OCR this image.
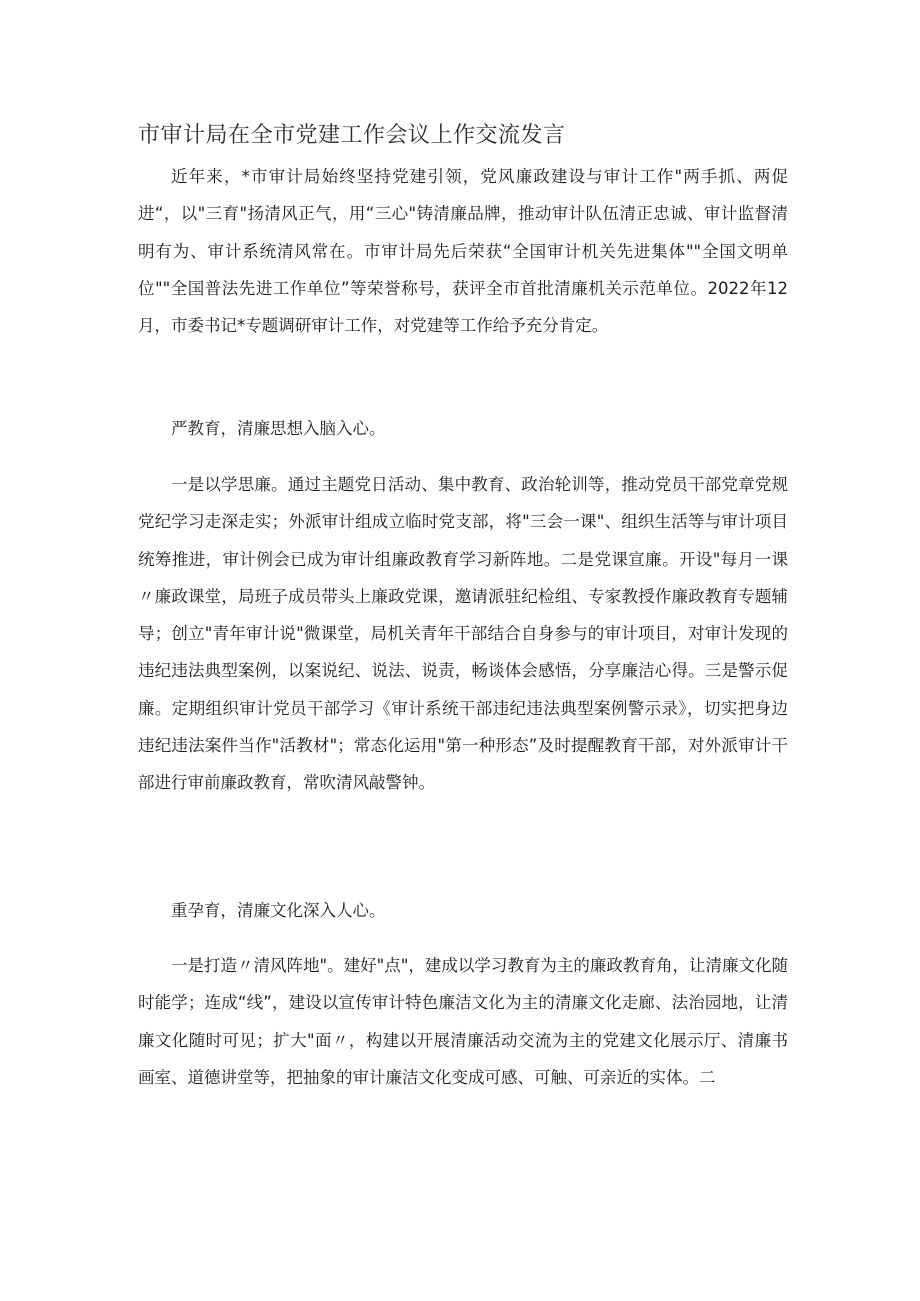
市审计局在全市党建工作会议上作交流发言

近年来，*市审计局始终坚持党建引领，党风廉政建设与审计工作"两手抓、两促进“，以"三育"扬清风正气，用“三心"铸清廉品牌，推动审计队伍清正忠诚、审计监督清明有为、审计系统清风常在。市审计局先后荣获“全国审计机关先进集体""全国文明单位""全国普法先进工作单位”等荣誉称号，获评全市首批清廉机关示范单位。2022年12月，市委书记*专题调研审计工作，对党建等工作给予充分肯定。

严教育，清廉思想入脑入心。

一是以学思廉。通过主题党日活动、集中教育、政治轮训等，推动党员干部党章党规党纪学习走深走实；外派审计组成立临时党支部，将"三会一课"、组织生活等与审计项目统筹推进，审计例会已成为审计组廉政教育学习新阵地。二是党课宣廉。开设"每月一课〃廉政课堂，局班子成员带头上廉政党课，邀请派驻纪检组、专家教授作廉政教育专题辅导；创立"青年审计说"微课堂，局机关青年干部结合自身参与的审计项目，对审计发现的违纪违法典型案例，以案说纪、说法、说责，畅谈体会感悟，分享廉洁心得。三是警示促廉。定期组织审计党员干部学习《审计系统干部违纪违法典型案例警示录》，切实把身边违纪违法案件当作"活教材"；常态化运用"第一种形态”及时提醒教育干部，对外派审计干部进行审前廉政教育，常吹清风敲警钟。

重孕育，清廉文化深入人心。

一是打造〃清风阵地"。建好"点"，建成以学习教育为主的廉政教育角，让清廉文化随时能学；连成“线”，建设以宣传审计特色廉洁文化为主的清廉文化走廊、法治园地，让清廉文化随时可见；扩大"面〃，构建以开展清廉活动交流为主的党建文化展示厅、清廉书画室、道德讲堂等，把抽象的审计廉洁文化变成可感、可触、可亲近的实体。二
